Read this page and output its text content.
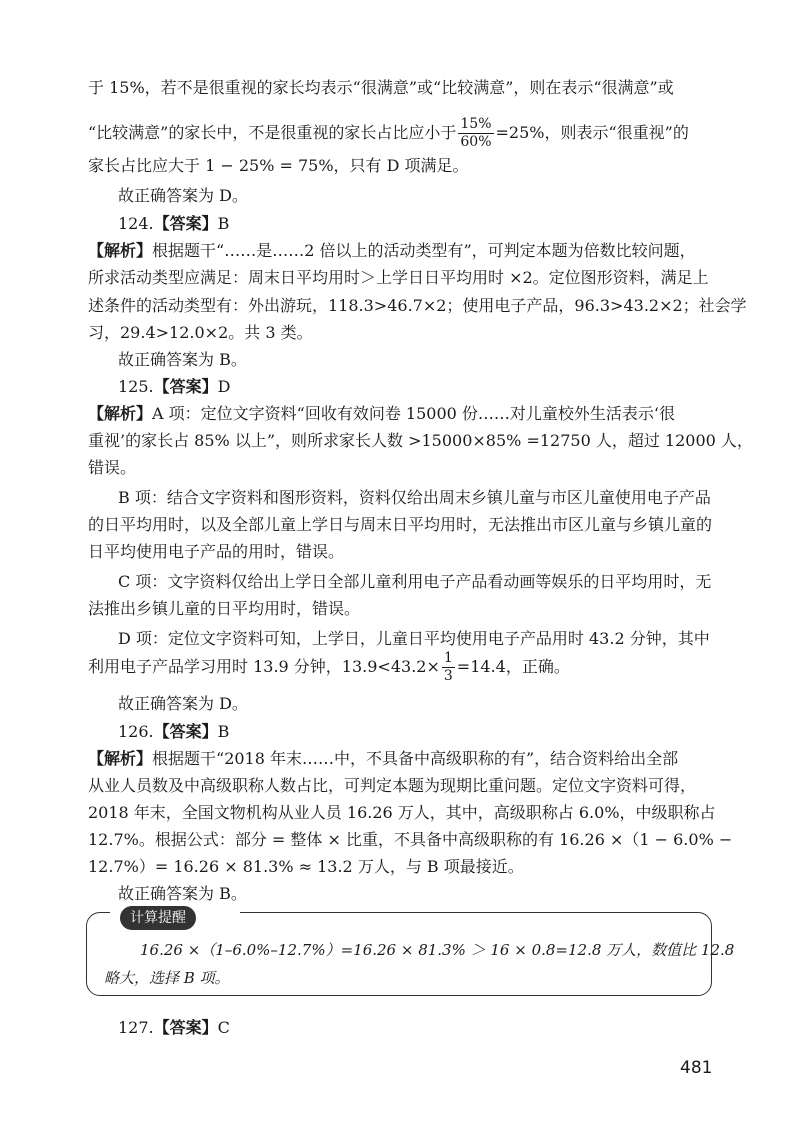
于 15%，若不是很重视的家长均表示“很满意”或“比较满意”，则在表示“很满意”或
“比较满意”的家长中，不是很重视的家长占比应小于 $\frac{15\%}{60\%} =25\%$，则表示“很重视”的
家长占比应大于 1 − 25% = 75%，只有 D 项满足。
故正确答案为 D。
124.【答案】B
【解析】根据题干“……是……2 倍以上的活动类型有”，可判定本题为倍数比较问题，
所求活动类型应满足：周末日平均用时＞上学日日平均用时 ×2。定位图形资料，满足上
述条件的活动类型有：外出游玩，118.3>46.7×2；使用电子产品，96.3>43.2×2；社会学
习，29.4>12.0×2。共 3 类。
故正确答案为 B。
125.【答案】D
【解析】A 项：定位文字资料“回收有效问卷 15000 份……对儿童校外生活表示‘很
重视’的家长占 85% 以上”，则所求家长人数 >15000×85% =12750 人，超过 12000 人，
错误。
B 项：结合文字资料和图形资料，资料仅给出周末乡镇儿童与市区儿童使用电子产品
的日平均用时，以及全部儿童上学日与周末日平均用时，无法推出市区儿童与乡镇儿童的
日平均使用电子产品的用时，错误。
C 项：文字资料仅给出上学日全部儿童利用电子产品看动画等娱乐的日平均用时，无
法推出乡镇儿童的日平均用时，错误。
D 项：定位文字资料可知，上学日，儿童日平均使用电子产品用时 43.2 分钟，其中
利用电子产品学习用时 13.9 分钟，$13.9<43.2\times \frac{1}{3} =14.4$，正确。
故正确答案为 D。
126.【答案】B
【解析】根据题干“2018 年末……中，不具备中高级职称的有”，结合资料给出全部
从业人员数及中高级职称人数占比，可判定本题为现期比重问题。定位文字资料可得，
2018 年末，全国文物机构从业人员 16.26 万人，其中，高级职称占 6.0%，中级职称占
12.7%。根据公式：部分 = 整体 × 比重，不具备中高级职称的有 16.26 ×（1 − 6.0% −
12.7%）= 16.26 × 81.3% ≈ 13.2 万人，与 B 项最接近。
故正确答案为 B。
计算提醒
16.26 ×（1–6.0%–12.7%）=16.26 × 81.3% ＞ 16 × 0.8=12.8 万人，数值比 12.8
略大，选择 B 项。
127.【答案】C
481
